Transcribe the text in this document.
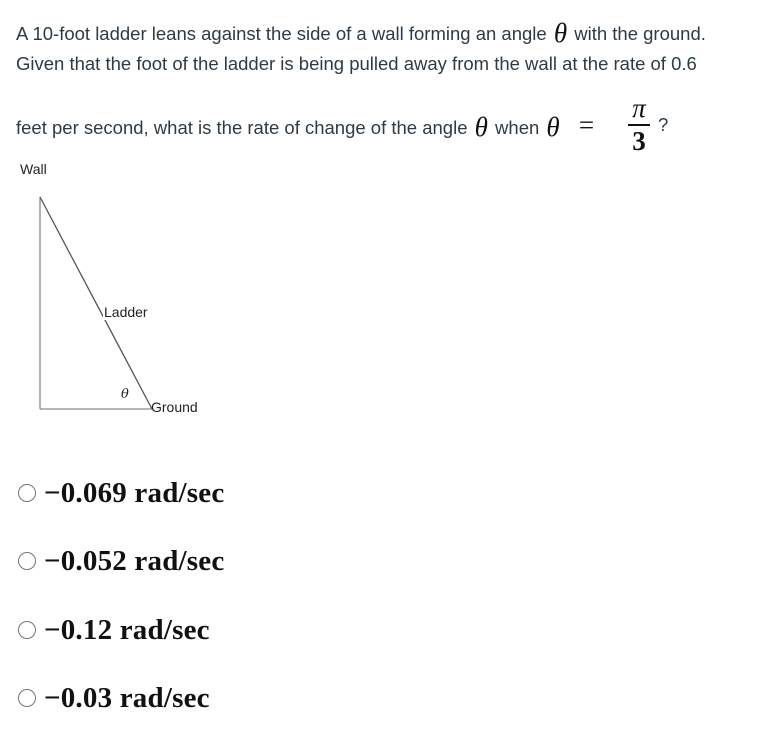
A 10-foot ladder leans against the side of a wall forming an angle θ with the ground.
Given that the foot of the ladder is being pulled away from the wall at the rate of 0.6
feet per second, what is the rate of change of the angle θ when θ =
π
3
?
Wall
Ladder
Ground
θ
−0.069 rad/sec
−0.052 rad/sec
−0.12 rad/sec
−0.03 rad/sec
